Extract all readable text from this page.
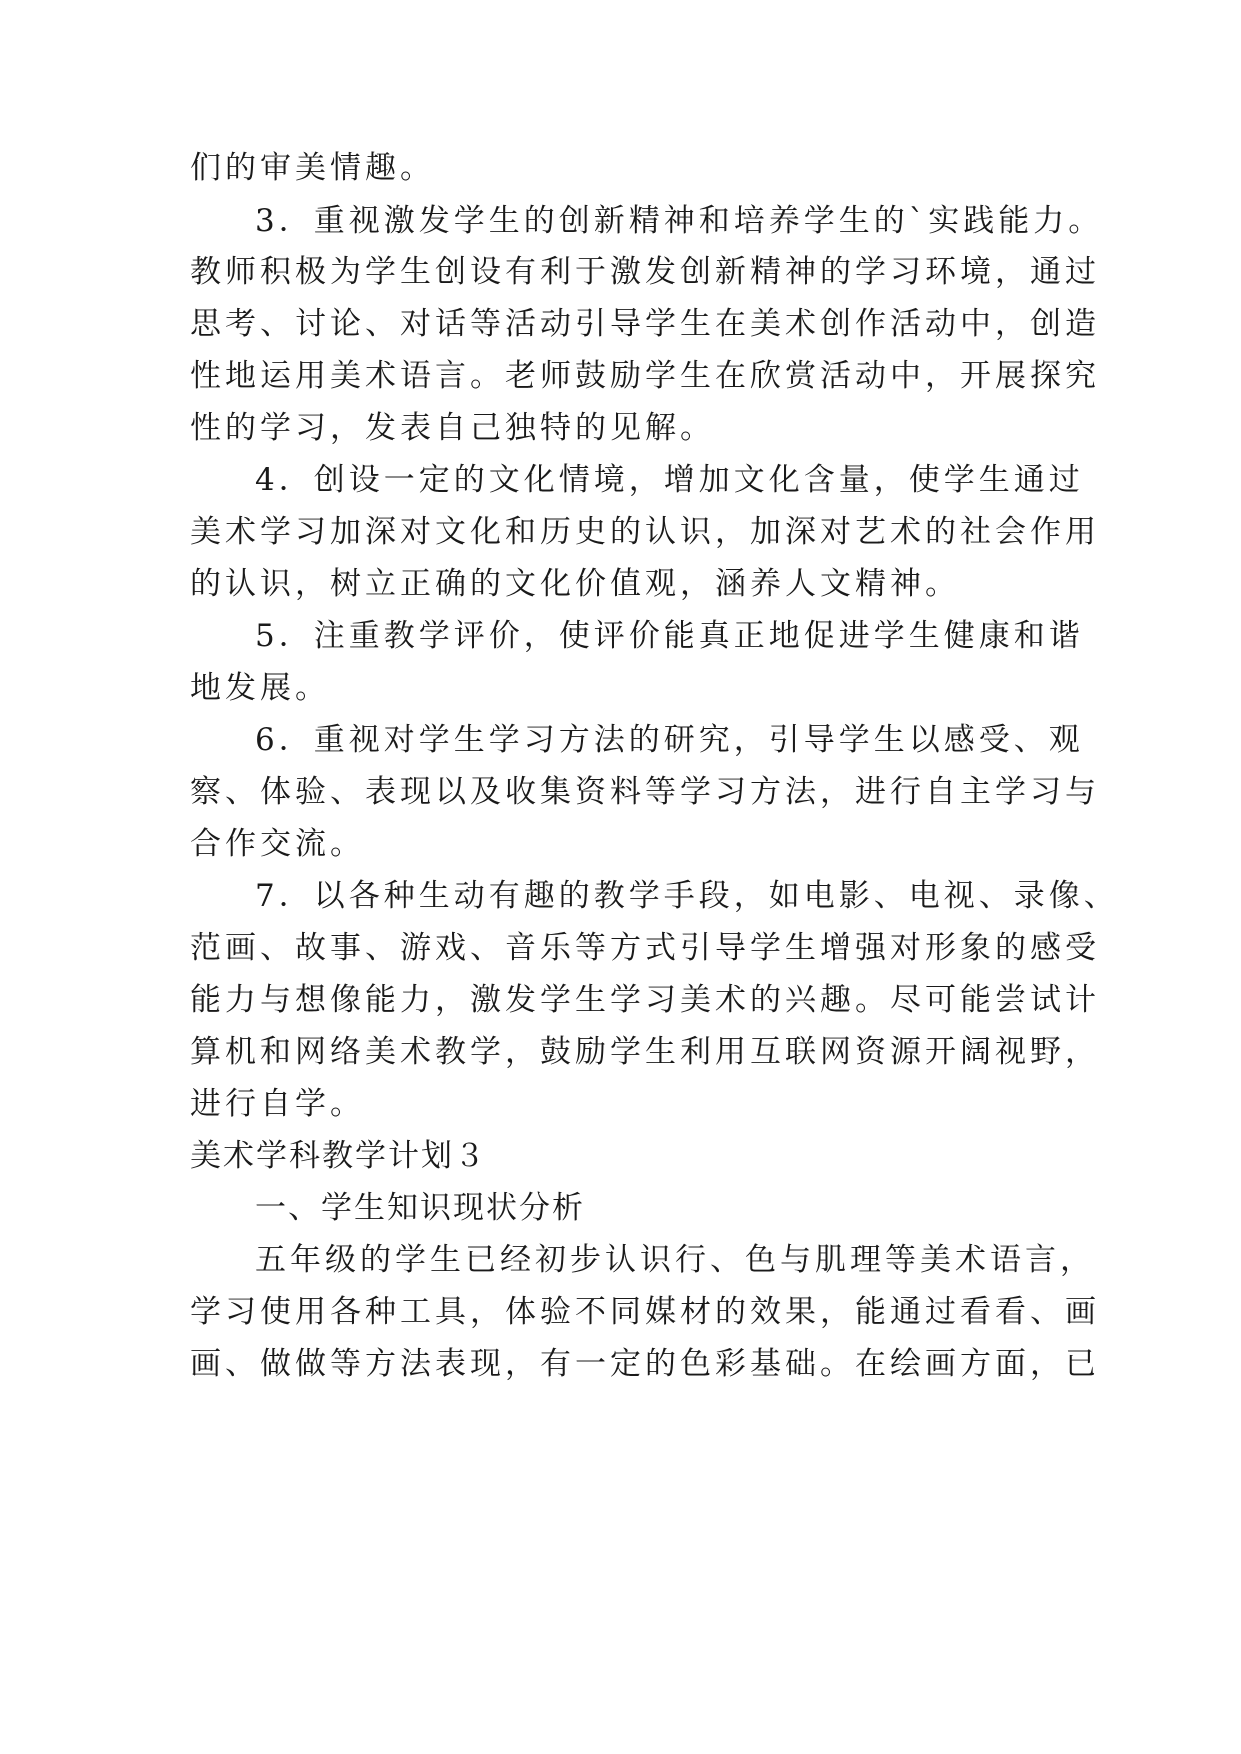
们的审美情趣。
3．重视激发学生的创新精神和培养学生的`实践能力。
教师积极为学生创设有利于激发创新精神的学习环境，通过
思考、讨论、对话等活动引导学生在美术创作活动中，创造
性地运用美术语言。老师鼓励学生在欣赏活动中，开展探究
性的学习，发表自己独特的见解。
4．创设一定的文化情境，增加文化含量，使学生通过
美术学习加深对文化和历史的认识，加深对艺术的社会作用
的认识，树立正确的文化价值观，涵养人文精神。
5．注重教学评价，使评价能真正地促进学生健康和谐
地发展。
6．重视对学生学习方法的研究，引导学生以感受、观
察、体验、表现以及收集资料等学习方法，进行自主学习与
合作交流。
7．以各种生动有趣的教学手段，如电影、电视、录像、
范画、故事、游戏、音乐等方式引导学生增强对形象的感受
能力与想像能力，激发学生学习美术的兴趣。尽可能尝试计
算机和网络美术教学，鼓励学生利用互联网资源开阔视野，
进行自学。
美术学科教学计划３
一、学生知识现状分析
五年级的学生已经初步认识行、色与肌理等美术语言，
学习使用各种工具，体验不同媒材的效果，能通过看看、画
画、做做等方法表现，有一定的色彩基础。在绘画方面，已
